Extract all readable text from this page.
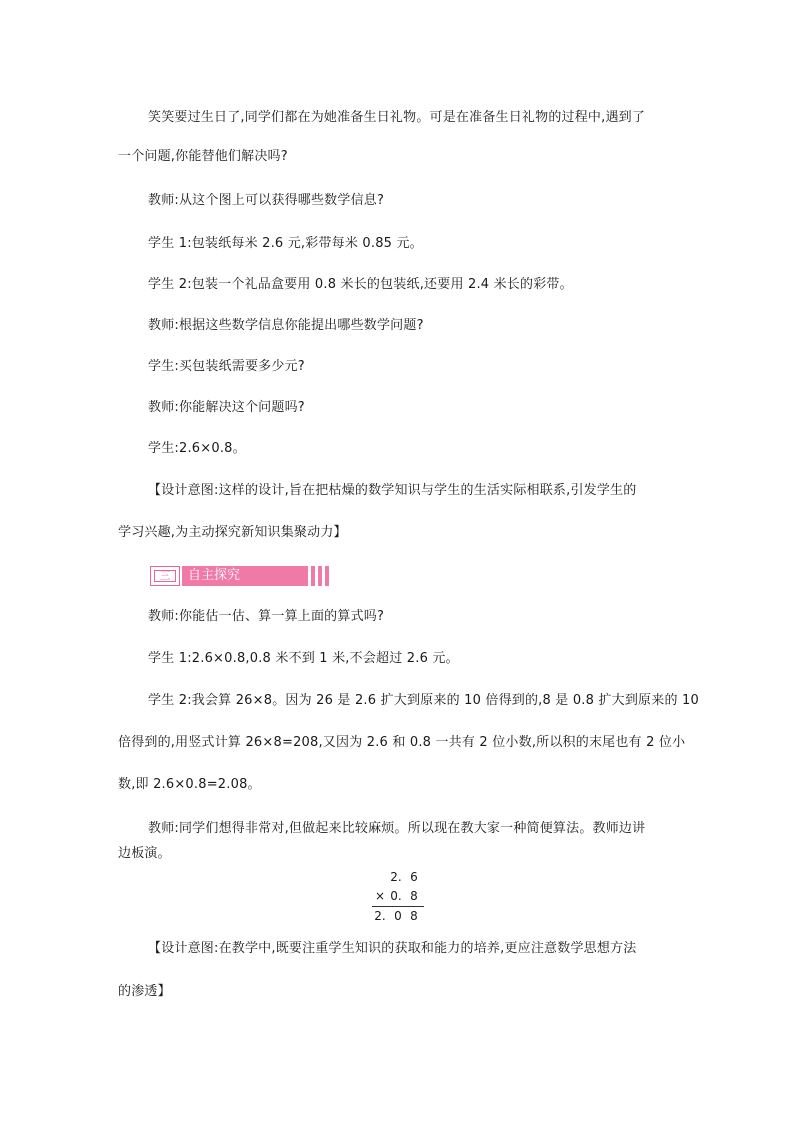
笑笑要过生日了,同学们都在为她准备生日礼物。可是在准备生日礼物的过程中,遇到了
一个问题,你能替他们解决吗?
教师:从这个图上可以获得哪些数学信息?
学生 1:包装纸每米 2.6 元,彩带每米 0.85 元。
学生 2:包装一个礼品盒要用 0.8 米长的包装纸,还要用 2.4 米长的彩带。
教师:根据这些数学信息你能提出哪些数学问题?
学生:买包装纸需要多少元?
教师:你能解决这个问题吗?
学生:2.6×0.8。
【设计意图:这样的设计,旨在把枯燥的数学知识与学生的生活实际相联系,引发学生的
学习兴趣,为主动探究新知识集聚动力】
三	自主探究
教师:你能估一估、算一算上面的算式吗?
学生 1:2.6×0.8,0.8 米不到 1 米,不会超过 2.6 元。
学生 2:我会算 26×8。因为 26 是 2.6 扩大到原来的 10 倍得到的,8 是 0.8 扩大到原来的 10
倍得到的,用竖式计算 26×8=208,又因为 2.6 和 0.8 一共有 2 位小数,所以积的末尾也有 2 位小
数,即 2.6×0.8=2.08。
教师:同学们想得非常对,但做起来比较麻烦。所以现在教大家一种简便算法。教师边讲
边板演。
2. 6
× 0. 8
2. 0 8
【设计意图:在教学中,既要注重学生知识的获取和能力的培养,更应注意数学思想方法
的渗透】
